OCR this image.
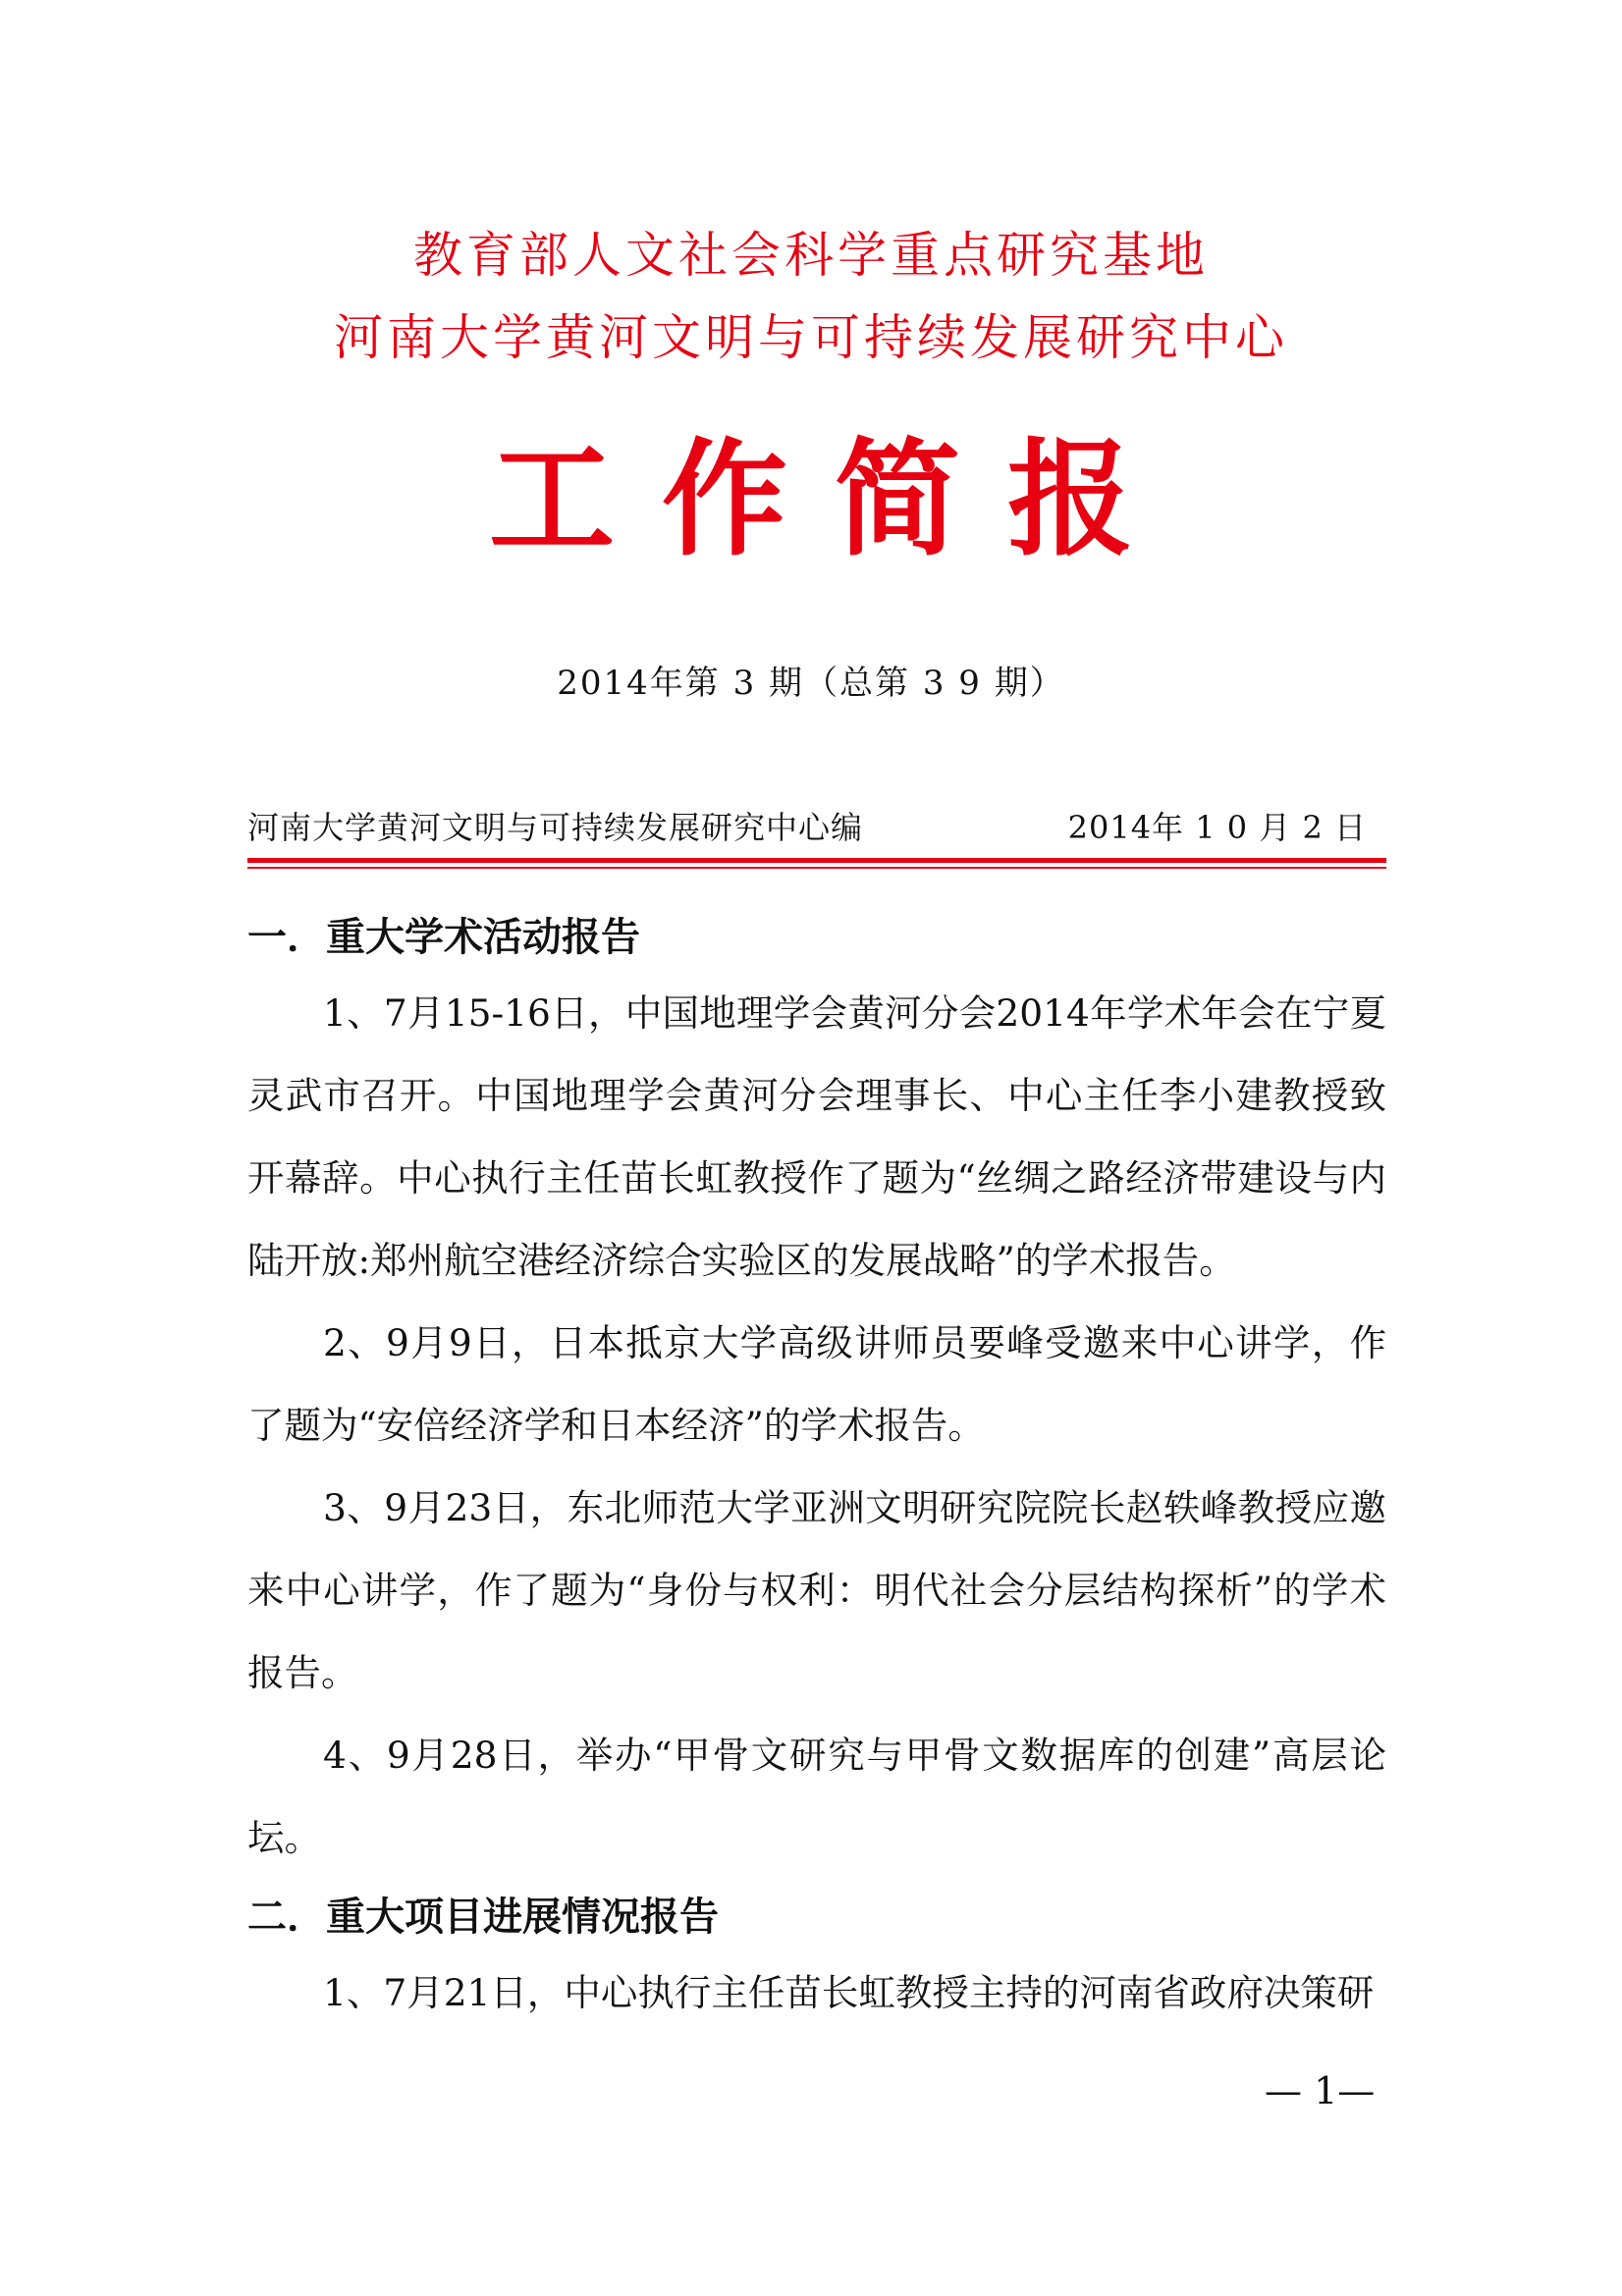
教育部人文社会科学重点研究基地
河南大学黄河文明与可持续发展研究中心
工作简报
2014年第 3 期（总第 3 9 期）
河南大学黄河文明与可持续发展研究中心编	2014年 1 0 月 2 日
一．重大学术活动报告

1、7月15-16日，中国地理学会黄河分会2014年学术年会在宁夏灵武市召开。中国地理学会黄河分会理事长、中心主任李小建教授致开幕辞。中心执行主任苗长虹教授作了题为“丝绸之路经济带建设与内陆开放:郑州航空港经济综合实验区的发展战略”的学术报告。

2、9月9日，日本抵京大学高级讲师员要峰受邀来中心讲学，作了题为“安倍经济学和日本经济”的学术报告。

3、9月23日，东北师范大学亚洲文明研究院院长赵轶峰教授应邀来中心讲学，作了题为“身份与权利：明代社会分层结构探析”的学术报告。

4、9月28日，举办“甲骨文研究与甲骨文数据库的创建”高层论坛。

二．重大项目进展情况报告

1、7月21日，中心执行主任苗长虹教授主持的河南省政府决策研

— 1—
